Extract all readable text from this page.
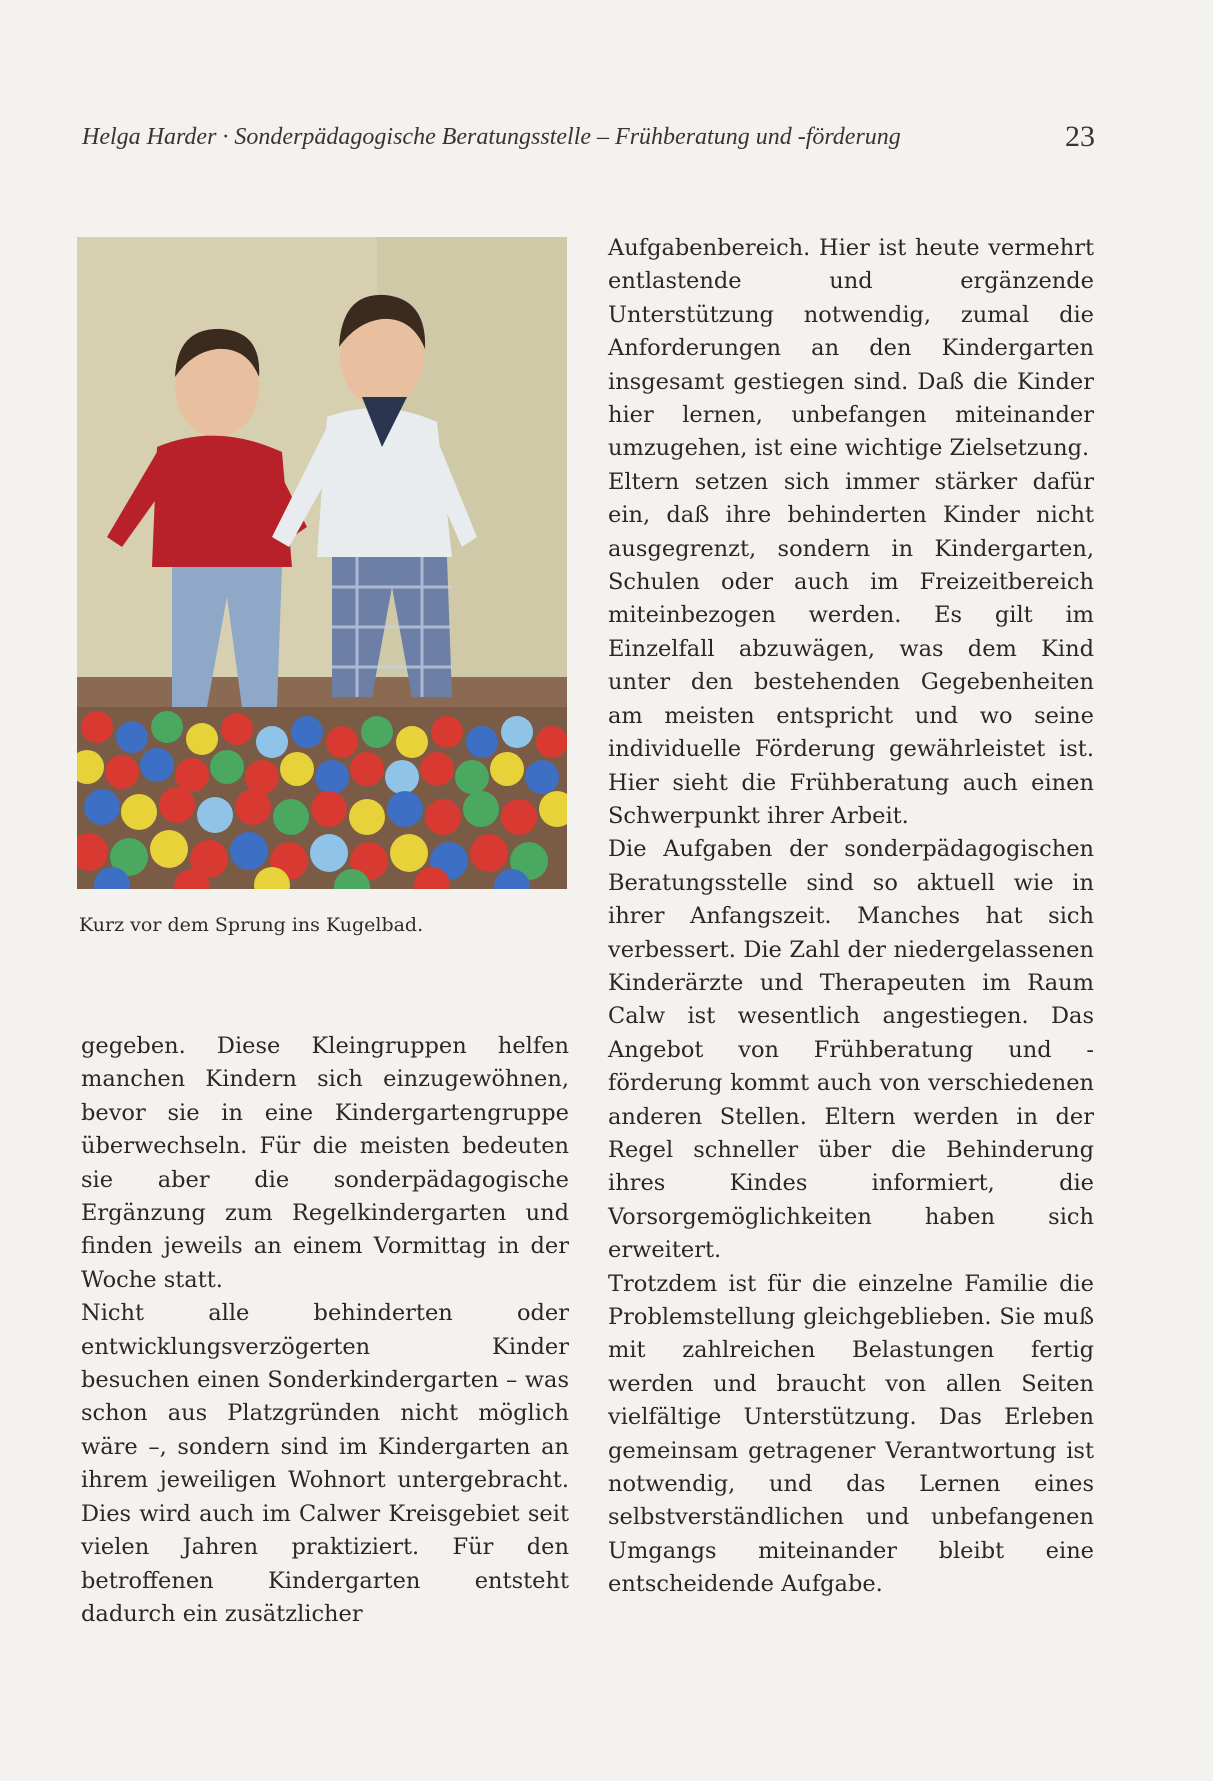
Helga Harder · Sonderpädagogische Beratungsstelle – Frühberatung und -förderung	23
Kurz vor dem Sprung ins Kugelbad.

gegeben. Diese Kleingruppen helfen manchen Kindern sich einzugewöhnen, bevor sie in eine Kindergartengruppe überwechseln. Für die meisten bedeuten sie aber die sonderpädagogische Ergänzung zum Regelkindergarten und finden jeweils an einem Vormittag in der Woche statt.

Nicht alle behinderten oder entwicklungsverzögerten Kinder besuchen einen Sonderkindergarten – was schon aus Platzgründen nicht möglich wäre –, sondern sind im Kindergarten an ihrem jeweiligen Wohnort untergebracht. Dies wird auch im Calwer Kreisgebiet seit vielen Jahren praktiziert. Für den betroffenen Kindergarten entsteht dadurch ein zusätzlicher

Aufgabenbereich. Hier ist heute vermehrt entlastende und ergänzende Unterstützung notwendig, zumal die Anforderungen an den Kindergarten insgesamt gestiegen sind. Daß die Kinder hier lernen, unbefangen miteinander umzugehen, ist eine wichtige Zielsetzung.

Eltern setzen sich immer stärker dafür ein, daß ihre behinderten Kinder nicht ausgegrenzt, sondern in Kindergarten, Schulen oder auch im Freizeitbereich miteinbezogen werden. Es gilt im Einzelfall abzuwägen, was dem Kind unter den bestehenden Gegebenheiten am meisten entspricht und wo seine individuelle Förderung gewährleistet ist. Hier sieht die Frühberatung auch einen Schwerpunkt ihrer Arbeit.

Die Aufgaben der sonderpädagogischen Beratungsstelle sind so aktuell wie in ihrer Anfangszeit. Manches hat sich verbessert. Die Zahl der niedergelassenen Kinderärzte und Therapeuten im Raum Calw ist wesentlich angestiegen. Das Angebot von Frühberatung und -förderung kommt auch von verschiedenen anderen Stellen. Eltern werden in der Regel schneller über die Behinderung ihres Kindes informiert, die Vorsorgemöglichkeiten haben sich erweitert.

Trotzdem ist für die einzelne Familie die Problemstellung gleichgeblieben. Sie muß mit zahlreichen Belastungen fertig werden und braucht von allen Seiten vielfältige Unterstützung. Das Erleben gemeinsam getragener Verantwortung ist notwendig, und das Lernen eines selbstverständlichen und unbefangenen Umgangs miteinander bleibt eine entscheidende Aufgabe.
